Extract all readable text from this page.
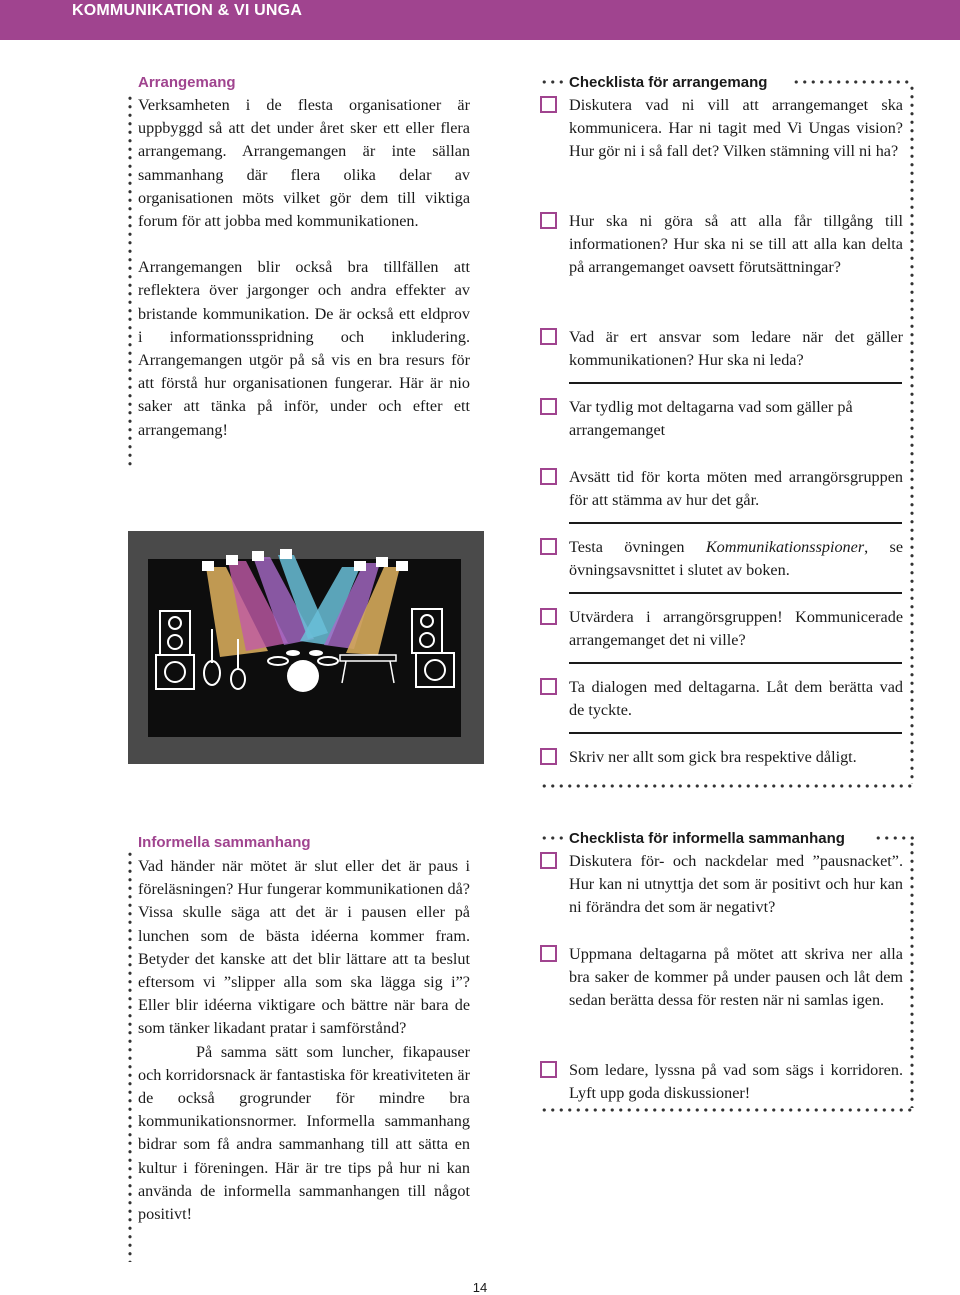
KOMMUNIKATION & VI UNGA
Arrangemang

Verksamheten i de flesta organisationer är uppbyggd så att det under året sker ett eller flera arrangemang. Arrangemangen är inte sällan sammanhang där flera olika delar av organisationen möts vilket gör dem till viktiga forum för att jobba med kommunikationen.

Arrangemangen blir också bra tillfällen att reflektera över jargonger och andra effekter av bristande kommunikation. De är också ett eldprov i informationsspridning och inkludering. Arrangemangen utgör på så vis en bra resurs för att förstå hur organisationen fungerar. Här är nio saker att tänka på inför, under och efter ett arrangemang!

Checklista för arrangemang
Diskutera vad ni vill att arrangemanget ska kommunicera. Har ni tagit med Vi Ungas vision? Hur gör ni i så fall det? Vilken stämning vill ni ha?
Hur ska ni göra så att alla får tillgång till informationen? Hur ska ni se till att alla kan delta på arrangemanget oavsett förutsättningar?
Vad är ert ansvar som ledare när det gäller kommunikationen? Hur ska ni leda?
Var tydlig mot deltagarna vad som gäller på arrangemanget
Avsätt tid för korta möten med arrangörsgruppen för att stämma av hur det går.
Testa övningen Kommunikationsspioner, se övningsavsnittet i slutet av boken.
Utvärdera i arrangörsgruppen! Kommunicerade arrangemanget det ni ville?
Ta dialogen med deltagarna. Låt dem berätta vad de tyckte.
Skriv ner allt som gick bra respektive dåligt.
Informella sammanhang
Vad händer när mötet är slut eller det är paus i föreläsningen? Hur fungerar kommunikationen då? Vissa skulle säga att det är i pausen eller på lunchen som de bästa idéerna kommer fram. Betyder det kanske att det blir lättare att ta beslut eftersom vi ”slipper alla som ska lägga sig i”? Eller blir idéerna viktigare och bättre när bara de som tänker likadant pratar i samförstånd?
På samma sätt som luncher, fikapauser och korridorsnack är fantastiska för kreativiteten är de också grogrunder för mindre bra kommunikationsnormer. Informella sammanhang bidrar som få andra sammanhang till att sätta en kultur i föreningen. Här är tre tips på hur ni kan använda de informella sammanhangen till något positivt!
Checklista för informella sammanhang
Diskutera för- och nackdelar med ”pausnacket”. Hur kan ni utnyttja det som är positivt och hur kan ni förändra det som är negativt?
Uppmana deltagarna på mötet att skriva ner alla bra saker de kommer på under pausen och låt dem sedan berätta dessa för resten när ni samlas igen.
Som ledare, lyssna på vad som sägs i korridoren. Lyft upp goda diskussioner!
14
